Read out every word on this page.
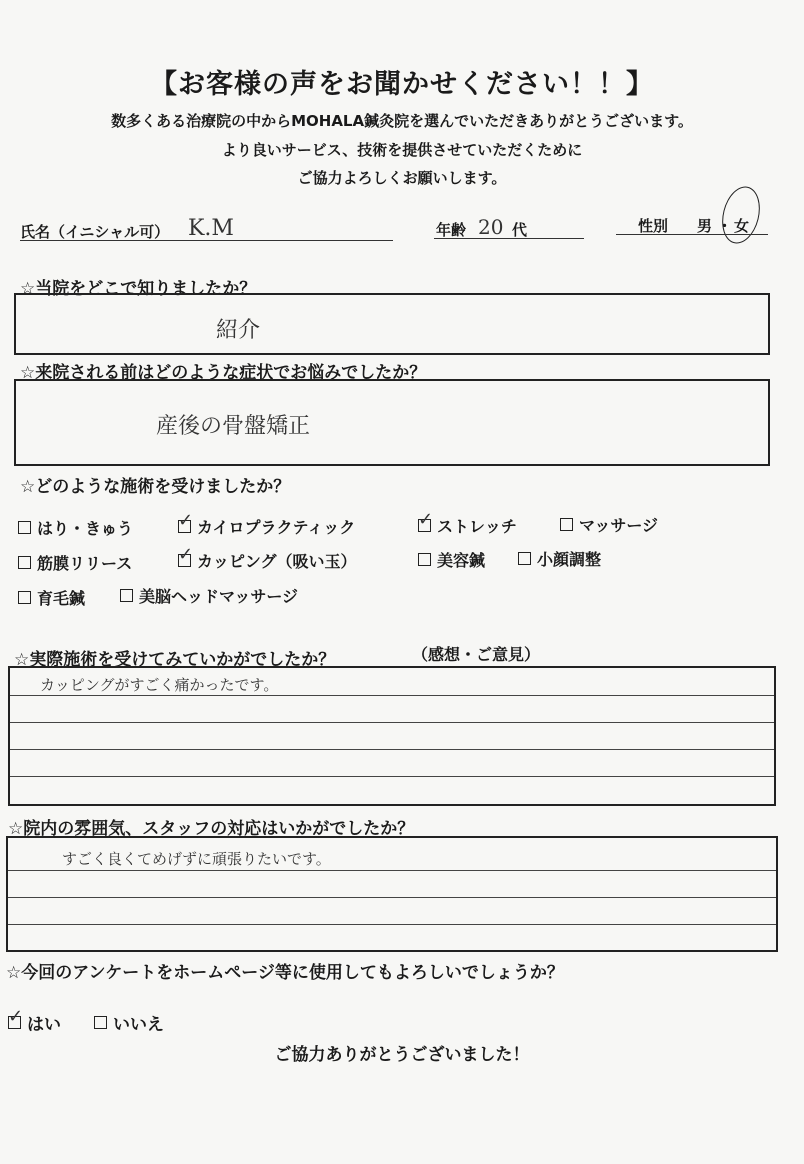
【お客様の声をお聞かせください！！】
数多くある治療院の中からMOHALA鍼灸院を選んでいただきありがとうございます。
より良いサービス、技術を提供させていただくために
ご協力よろしくお願いします。
氏名（イニシャル可） K.M	年齢 20 代	性別 男 ・ 女
☆当院をどこで知りましたか？
紹介
☆来院される前はどのような症状でお悩みでしたか？
産後の骨盤矯正
☆どのような施術を受けましたか？
はり・きゅう ✓ カイロプラクティック	✓ ストレッチ	マッサージ
筋膜リリース	✓ カッピング（吸い玉）	美容鍼	小顔調整
育毛鍼	美脳ヘッドマッサージ
☆実際施術を受けてみていかがでしたか？	（感想・ご意見）
カッピングがすごく痛かったです。
☆院内の雰囲気、スタッフの対応はいかがでしたか？
すごく良くてめげずに頑張りたいです。
☆今回のアンケートをホームページ等に使用してもよろしいでしょうか？
✓ はい	いいえ
ご協力ありがとうございました！
